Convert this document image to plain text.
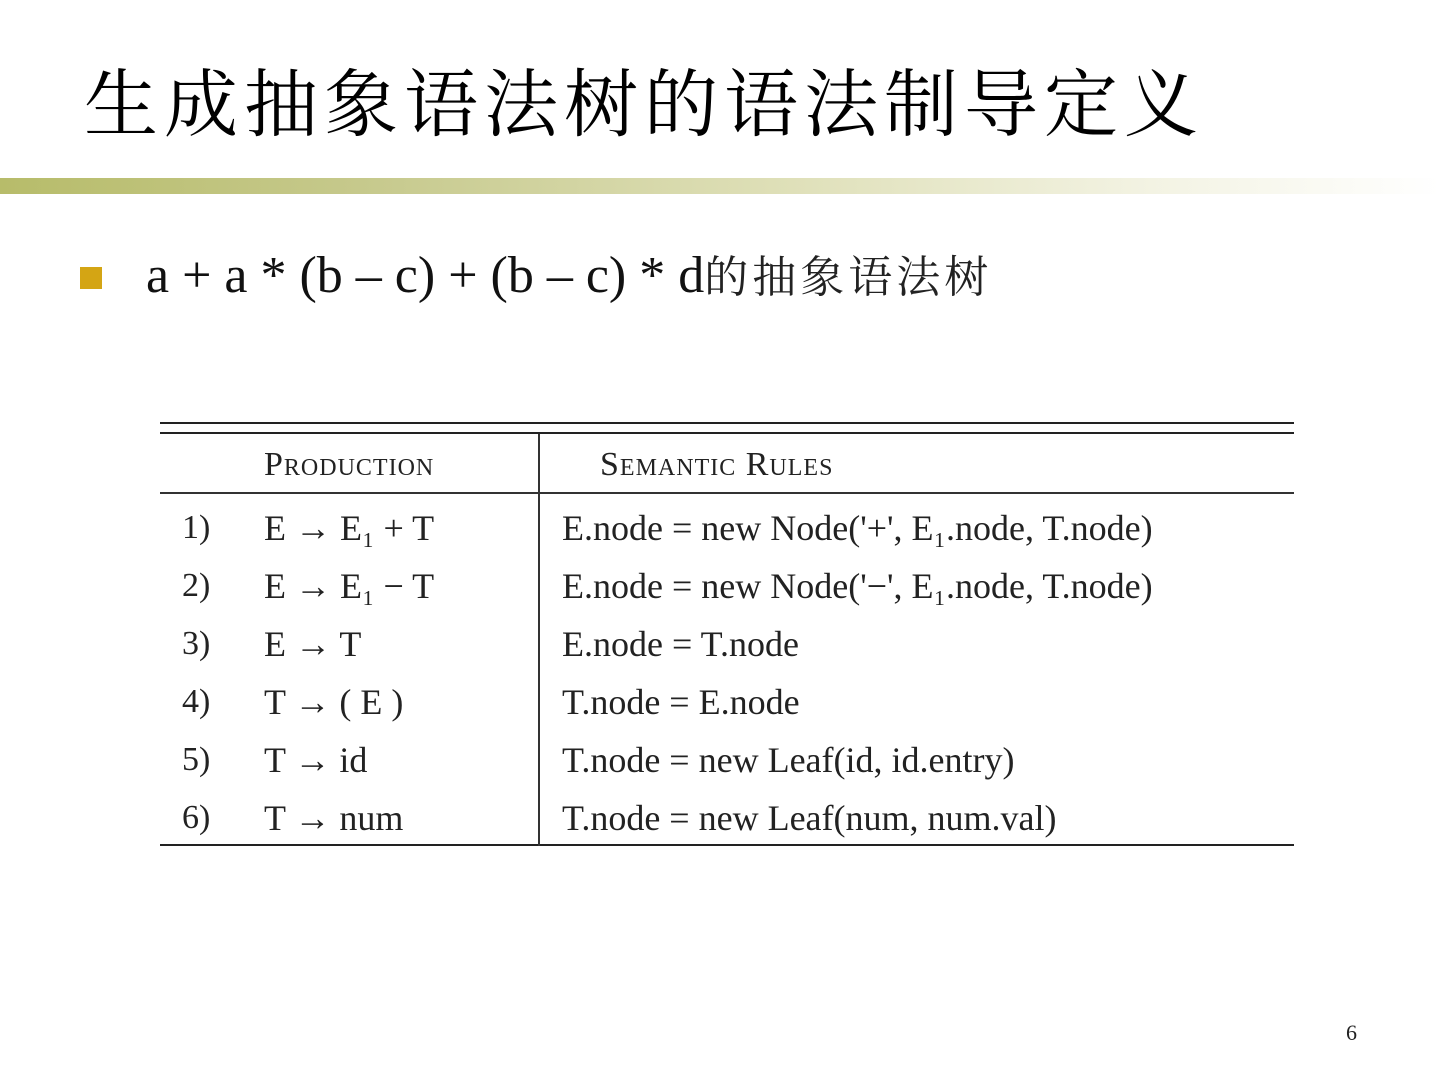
生成抽象语法树的语法制导定义
a + a * (b – c) + (b – c) * d的抽象语法树
Production	Semantic Rules
1) E → E₁ + T	E.node = new Node('+', E₁.node, T.node)
2) E → E₁ − T	E.node = new Node('−', E₁.node, T.node)
3) E → T	E.node = T.node
4) T → ( E )	T.node = E.node
5) T → id	T.node = new Leaf(id, id.entry)
6) T → num	T.node = new Leaf(num, num.val)
6
